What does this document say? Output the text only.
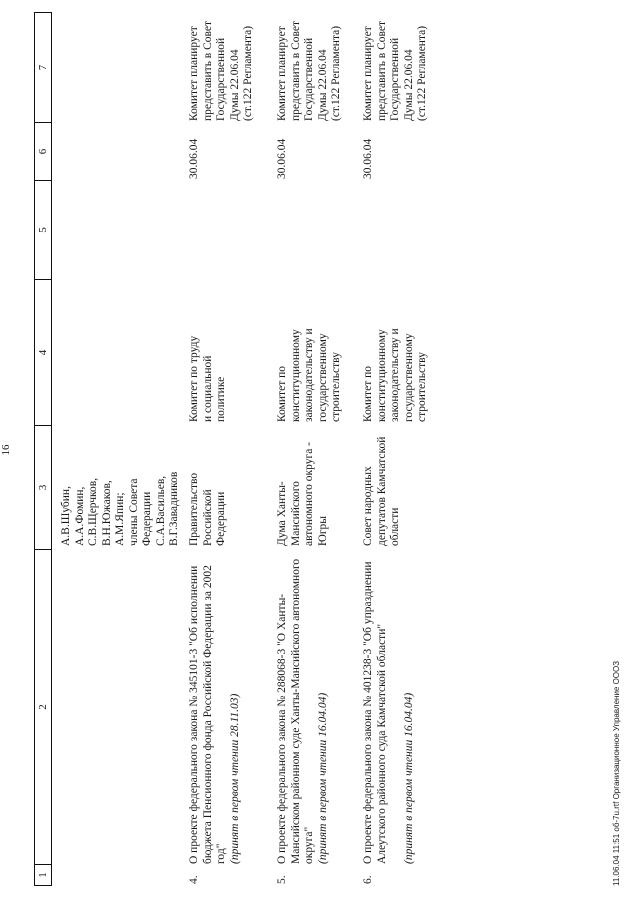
16
1
2
3
4
5
6
7
А.В.Шубин,
А.А.Фомин,
С.В.Щерчков,
В.Н.Южаков,
А.М.Япин;
члены Совета
Федерации
С.А.Васильев,
В.Г.Завадников
4.
О проекте федерального закона № 345101-3 "Об исполнении бюджета Пенсионного фонда Российской Федерации за 2002 год" (принят в первом чтении 28.11.03)
Правительство
Российской
Федерации
Комитет по труду
и социальной
политике
30.06.04
Комитет планирует
представить в Совет
Государственной
Думы 22.06.04
(ст.122 Регламента)
5.
О проекте федерального закона № 288068-3 "О Ханты-Мансийском районном суде Ханты-Мансийского автономного округа" (принят в первом чтении 16.04.04)
Дума Ханты-
Мансийского
автономного округа -
Югры
Комитет по
конституционному
законодательству и
государственному
строительству
30.06.04
Комитет планирует
представить в Совет
Государственной
Думы 22.06.04
(ст.122 Регламента)
6.
О проекте федерального закона № 401238-3 "Об упразднении Алеутского районного суда Камчатской области" (принят в первом чтении 16.04.04)
Совет народных
депутатов Камчатской
области
Комитет по
конституционному
законодательству и
государственному
строительству
30.06.04
Комитет планирует
представить в Совет
Государственной
Думы 22.06.04
(ст.122 Регламента)
11.06.04 11:51 об-7u.rtf Организационное Управление ОООЗ
